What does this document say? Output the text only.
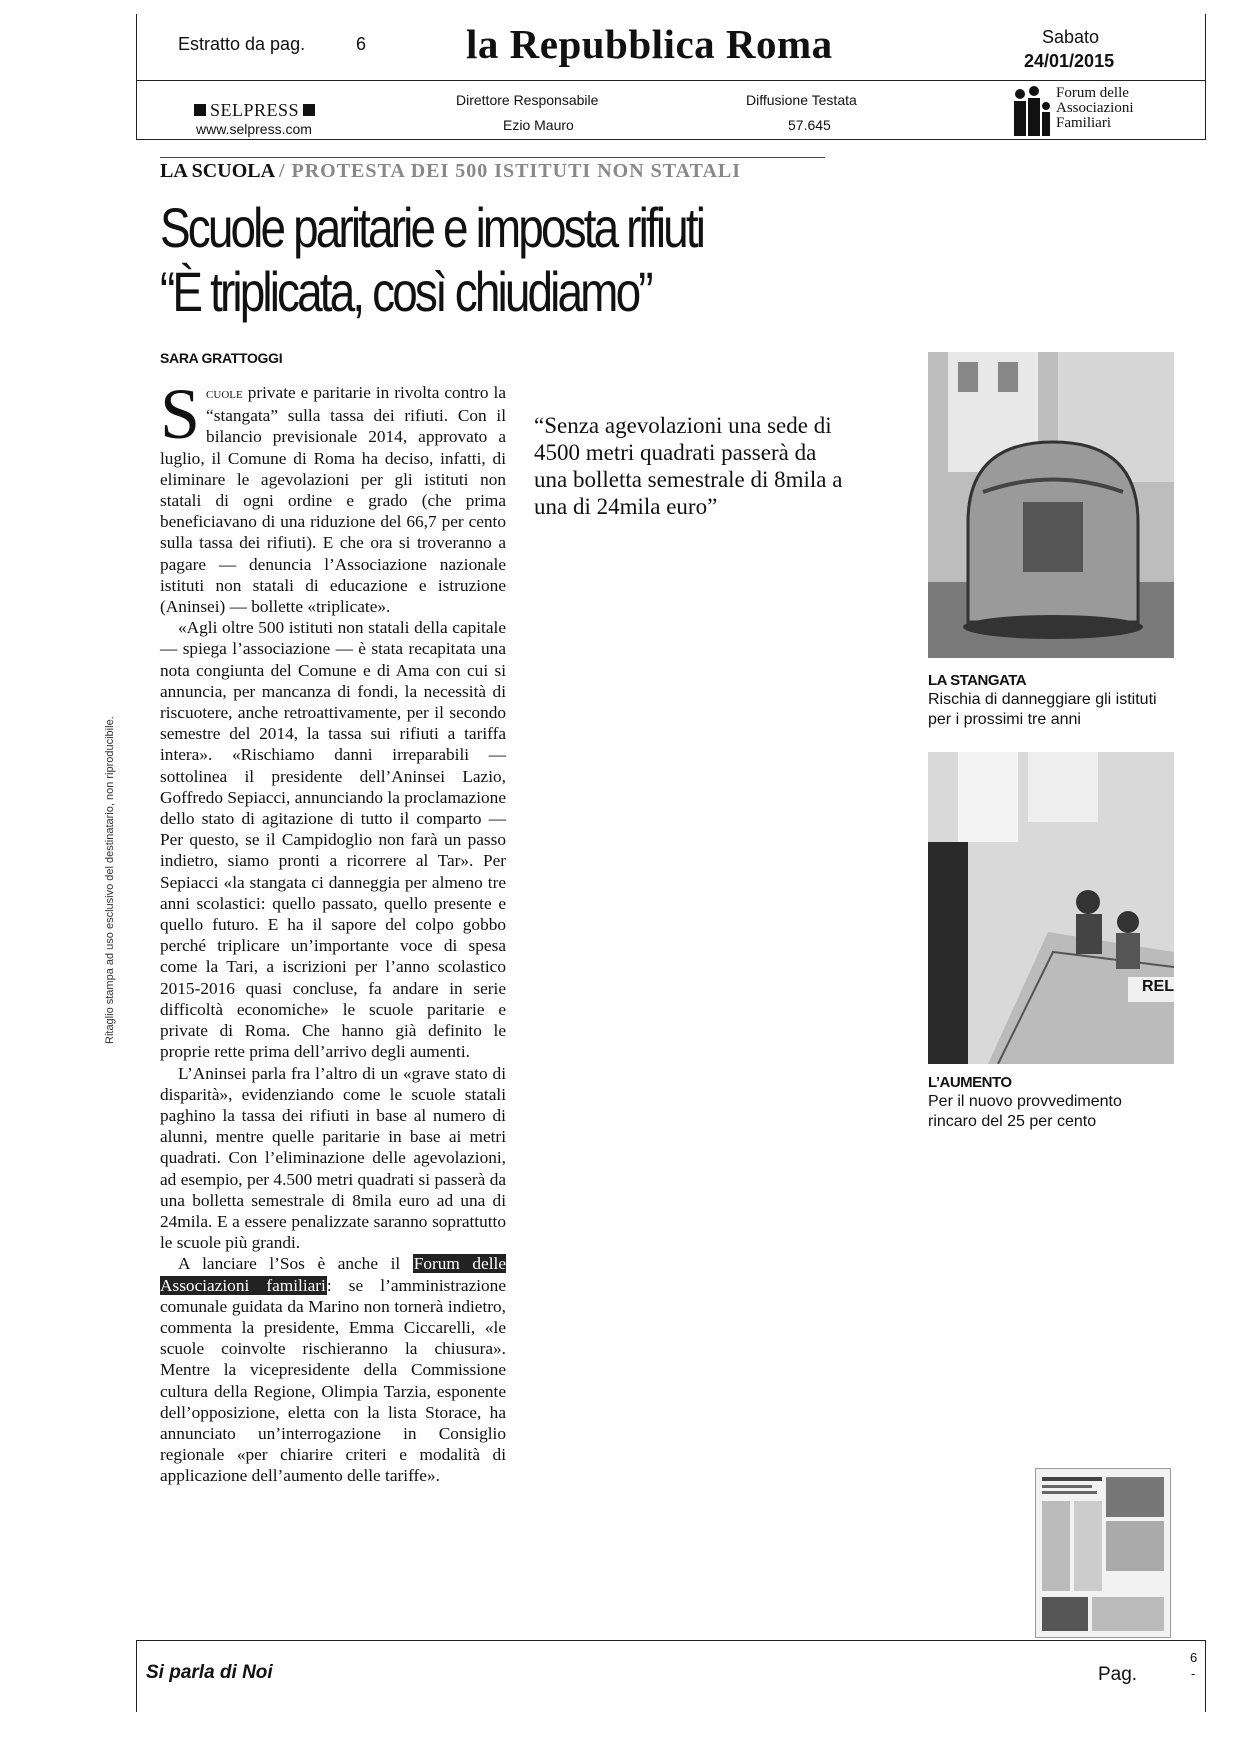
Estratto da pag.	6 la Repubblica Roma	Sabato
24/01/2015
SELPRESS
www.selpress.com
Direttore Responsabile
Ezio Mauro
Diffusione Testata
57.645
Forum delle
Associazioni
Familiari
Ritaglio stampa ad uso esclusivo del destinatario, non riproducibile.
LA SCUOLA / PROTESTA DEI 500 ISTITUTI NON STATALI
Scuole paritarie e imposta rifiuti
“È triplicata, così chiudiamo”
SARA GRATTOGGI

Scuole private e paritarie in rivolta contro la “stangata” sulla tassa dei rifiuti. Con il bilancio previsionale 2014, approvato a luglio, il Comune di Roma ha deciso, infatti, di eliminare le agevolazioni per gli istituti non statali di ogni ordine e grado (che prima beneficiavano di una riduzione del 66,7 per cento sulla tassa dei rifiuti). E che ora si troveranno a pagare — denuncia l’Associazione nazionale istituti non statali di educazione e istruzione (Aninsei) — bollette «triplicate».

«Agli oltre 500 istituti non statali della capitale — spiega l’associazione — è stata recapitata una nota congiunta del Comune e di Ama con cui si annuncia, per mancanza di fondi, la necessità di riscuotere, anche retroattivamente, per il secondo semestre del 2014, la tassa sui rifiuti a tariffa intera». «Rischiamo danni irreparabili — sottolinea il presidente dell’Aninsei Lazio, Goffredo Sepiacci, annunciando la proclamazione dello stato di agitazione di tutto il comparto — Per questo, se il Campidoglio non farà un passo indietro, siamo pronti a ricorrere al Tar». Per Sepiacci «la stangata ci danneggia per almeno tre anni scolastici: quello passato, quello presente e quello futuro. E ha il sapore del colpo gobbo perché triplicare un’importante voce di spesa come la Tari, a iscrizioni per l’anno scolastico 2015-2016 quasi concluse, fa andare in serie difficoltà economiche» le scuole paritarie e private di Roma. Che hanno già definito le proprie rette prima dell’arrivo degli aumenti.

L’Aninsei parla fra l’altro di un «grave stato di disparità», evidenziando come le scuole statali paghino la tassa dei rifiuti in base al numero di alunni, mentre quelle paritarie in base ai metri quadrati. Con l’eliminazione delle agevolazioni, ad esempio, per 4.500 metri quadrati si passerà da una bolletta semestrale di 8mila euro ad una di 24mila. E a essere penalizzate saranno soprattutto le scuole più grandi.

A lanciare l’Sos è anche il Forum delle Associazioni familiari: se l’amministrazione comunale guidata da Marino non tornerà indietro, commenta la presidente, Emma Ciccarelli, «le scuole coinvolte rischieranno la chiusura». Mentre la vicepresidente della Commissione cultura della Regione, Olimpia Tarzia, esponente dell’opposizione, eletta con la lista Storace, ha annunciato un’interrogazione in Consiglio regionale «per chiarire criteri e modalità di applicazione dell’aumento delle tariffe».

“Senza agevolazioni una sede di 4500 metri quadrati passerà da una bolletta semestrale di 8mila a una di 24mila euro”
LA STANGATA
Rischia di danneggiare gli istituti per i prossimi tre anni
REL
L’AUMENTO
Per il nuovo provvedimento rincaro del 25 per cento
Si parla di Noi	Pag.
6
-
